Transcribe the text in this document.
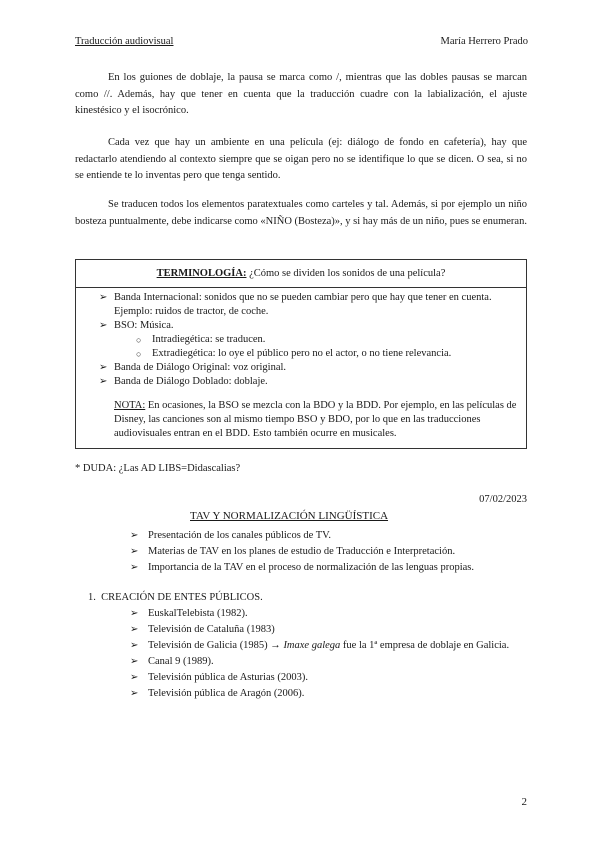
Traducción audiovisual	María Herrero Prado
En los guiones de doblaje, la pausa se marca como /, mientras que las dobles pausas se marcan como //. Además, hay que tener en cuenta que la traducción cuadre con la labialización, el ajuste kinestésico y el isocrónico.
Cada vez que hay un ambiente en una película (ej: diálogo de fondo en cafetería), hay que redactarlo atendiendo al contexto siempre que se oigan pero no se identifique lo que se dicen. O sea, si no se entiende te lo inventas pero que tenga sentido.
Se traducen todos los elementos paratextuales como carteles y tal. Además, si por ejemplo un niño bosteza puntualmente, debe indicarse como «NIÑO (Bosteza)», y si hay más de un niño, pues se enumeran.
TERMINOLOGÍA: ¿Cómo se dividen los sonidos de una película?
➢ Banda Internacional: sonidos que no se pueden cambiar pero que hay que tener en cuenta. Ejemplo: ruidos de tractor, de coche.
➢ BSO: Música.
○ Intradiegética: se traducen.
○ Extradiegética: lo oye el público pero no el actor, o no tiene relevancia.
➢ Banda de Diálogo Original: voz original.
➢ Banda de Diálogo Doblado: doblaje.
NOTA: En ocasiones, la BSO se mezcla con la BDO y la BDD. Por ejemplo, en las películas de Disney, las canciones son al mismo tiempo BSO y BDO, por lo que en las traducciones audiovisuales entran en el BDD. Esto también ocurre en musicales.
* DUDA: ¿Las AD LIBS=Didascalias?
07/02/2023
TAV Y NORMALIZACIÓN LINGÜÍSTICA
➢ Presentación de los canales públicos de TV.
➢ Materias de TAV en los planes de estudio de Traducción e Interpretación.
➢ Importancia de la TAV en el proceso de normalización de las lenguas propias.
1. CREACIÓN DE ENTES PÚBLICOS.
➢ EuskalTelebista (1982).
➢ Televisión de Cataluña (1983)
➢ Televisión de Galicia (1985) → Imaxe galega fue la 1ª empresa de doblaje en Galicia.
➢ Canal 9 (1989).
➢ Televisión pública de Asturias (2003).
➢ Televisión pública de Aragón (2006).
2
